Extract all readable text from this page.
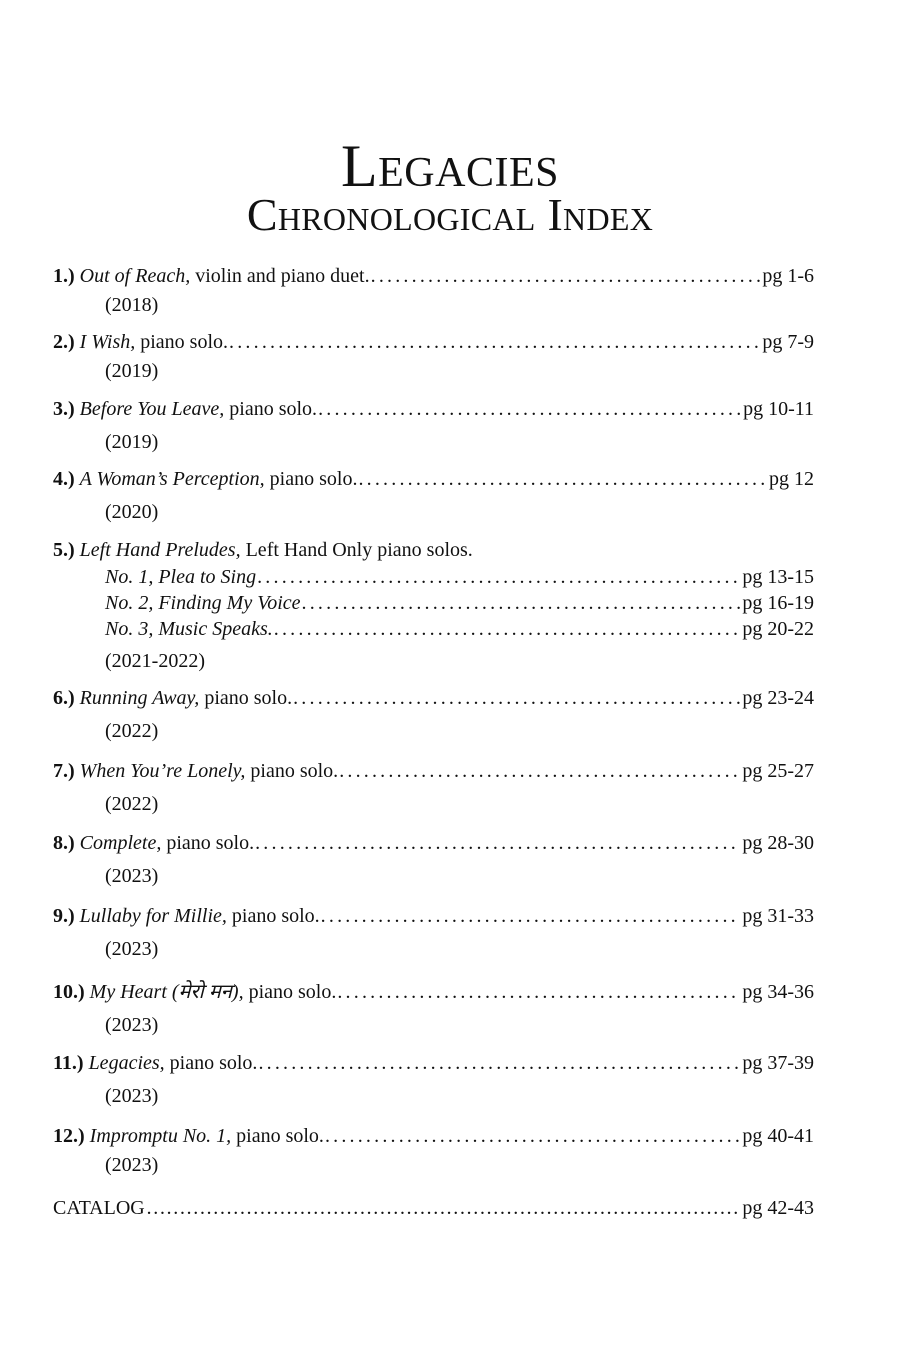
Legacies
Chronological Index
1.) Out of Reach, violin and piano duet. .....	pg 1-6
(2018)
2.) I Wish, piano solo. .....	pg 7-9
(2019)
3.) Before You Leave, piano solo. .....	pg 10-11
(2019)
4.) A Woman’s Perception, piano solo. .....	pg 12
(2020)
5.) Left Hand Preludes, Left Hand Only piano solos.
No. 1, Plea to Sing .....	pg 13-15
No. 2, Finding My Voice .....	pg 16-19
No. 3, Music Speaks. .....	pg 20-22
(2021-2022)
6.) Running Away, piano solo. .....	pg 23-24
(2022)
7.) When You’re Lonely, piano solo. .....	pg 25-27
(2022)
8.) Complete, piano solo. .....	pg 28-30
(2023)
9.) Lullaby for Millie, piano solo. .....	pg 31-33
(2023)
10.) My Heart (मेरो मन), piano solo. .....	pg 34-36
(2023)
11.) Legacies, piano solo. .....	pg 37-39
(2023)
12.) Impromptu No. 1, piano solo. .....	pg 40-41
(2023)
CATALOG …………………………………………………………………………………………………………………………………………………………………………………………	pg 42-43
